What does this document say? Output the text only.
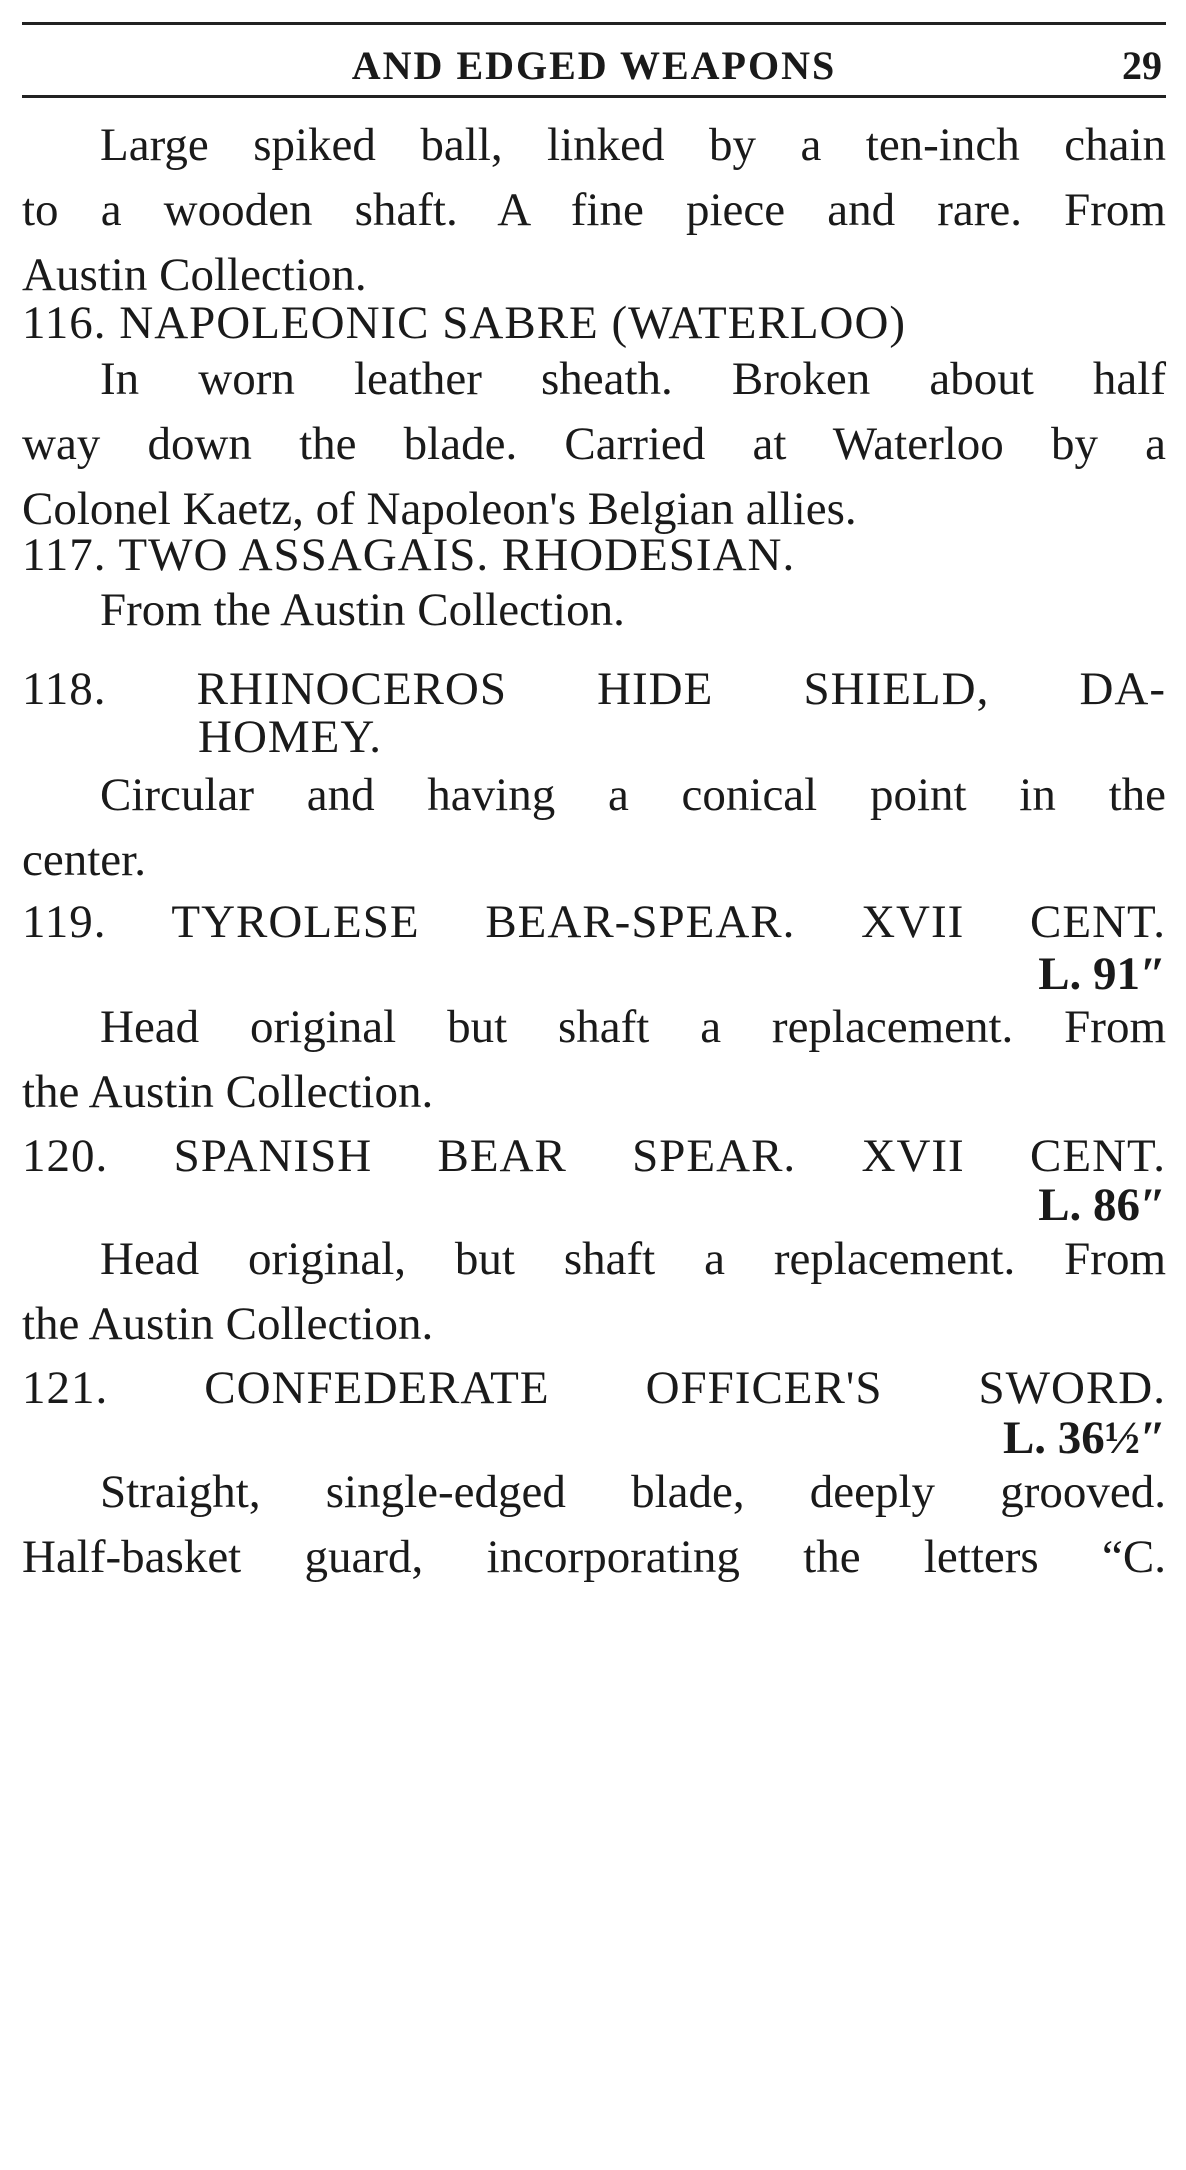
AND EDGED WEAPONS	29
Large spiked ball, linked by a ten-inch chain
to a wooden shaft. A fine piece and rare. From
Austin Collection.
116. NAPOLEONIC SABRE (WATERLOO)
In worn leather sheath. Broken about half
way down the blade. Carried at Waterloo by a
Colonel Kaetz, of Napoleon's Belgian allies.
117. TWO ASSAGAIS. RHODESIAN.
From the Austin Collection.
118. RHINOCEROS HIDE SHIELD, DA-
HOMEY.
Circular and having a conical point in the
center.
119. TYROLESE BEAR-SPEAR. XVII CENT.
L. 91″
Head original but shaft a replacement. From
the Austin Collection.
120. SPANISH BEAR SPEAR. XVII CENT.
L. 86″
Head original, but shaft a replacement. From
the Austin Collection.
121. CONFEDERATE OFFICER'S SWORD.
L. 36½″
Straight, single-edged blade, deeply grooved.
Half-basket guard, incorporating the letters “C.
